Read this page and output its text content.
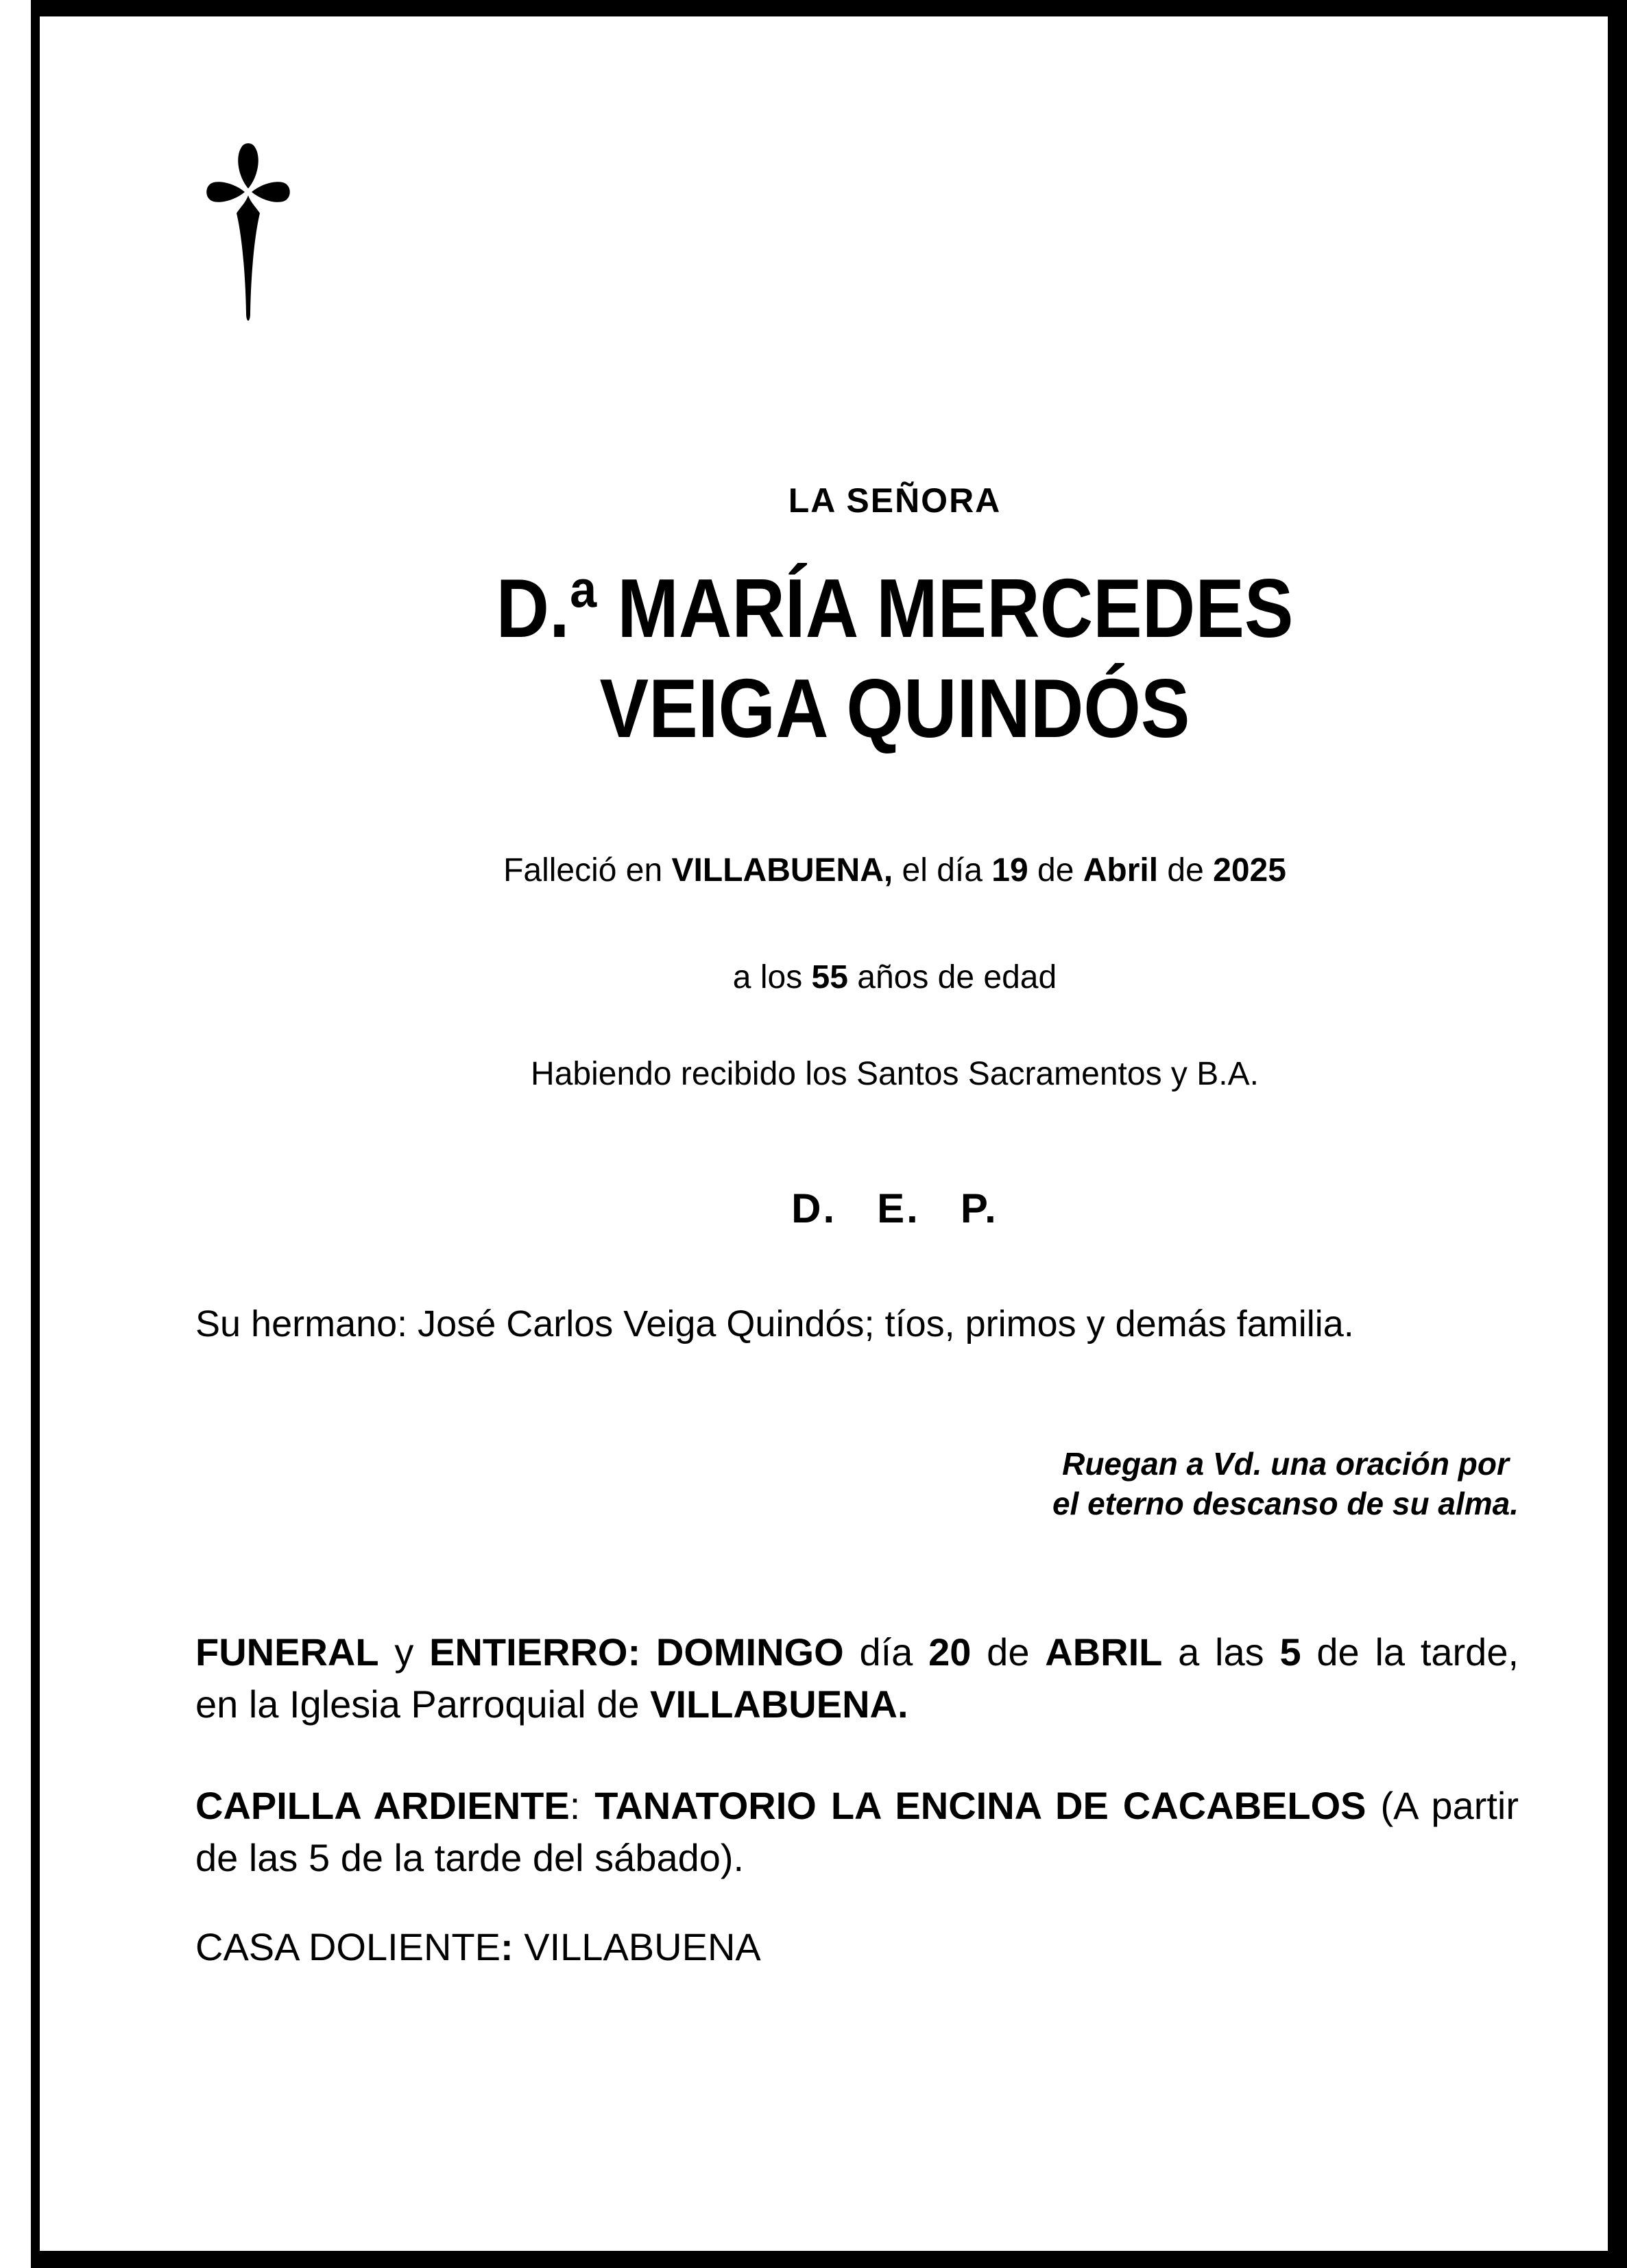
LA SEÑORA
D.ª MARÍA MERCEDES
VEIGA QUINDÓS
Falleció en VILLABUENA, el día 19 de Abril de 2025
a los 55 años de edad
Habiendo recibido los Santos Sacramentos y B.A.
D.   E.   P.
Su hermano: José Carlos Veiga Quindós; tíos, primos y demás familia.
Ruegan a Vd. una oración por
el eterno descanso de su alma.
FUNERAL y ENTIERRO: DOMINGO día 20 de ABRIL a las 5 de la tarde,
en la Iglesia Parroquial de VILLABUENA.
CAPILLA ARDIENTE: TANATORIO LA ENCINA DE CACABELOS (A partir
de las 5 de la tarde del sábado).
CASA DOLIENTE: VILLABUENA
